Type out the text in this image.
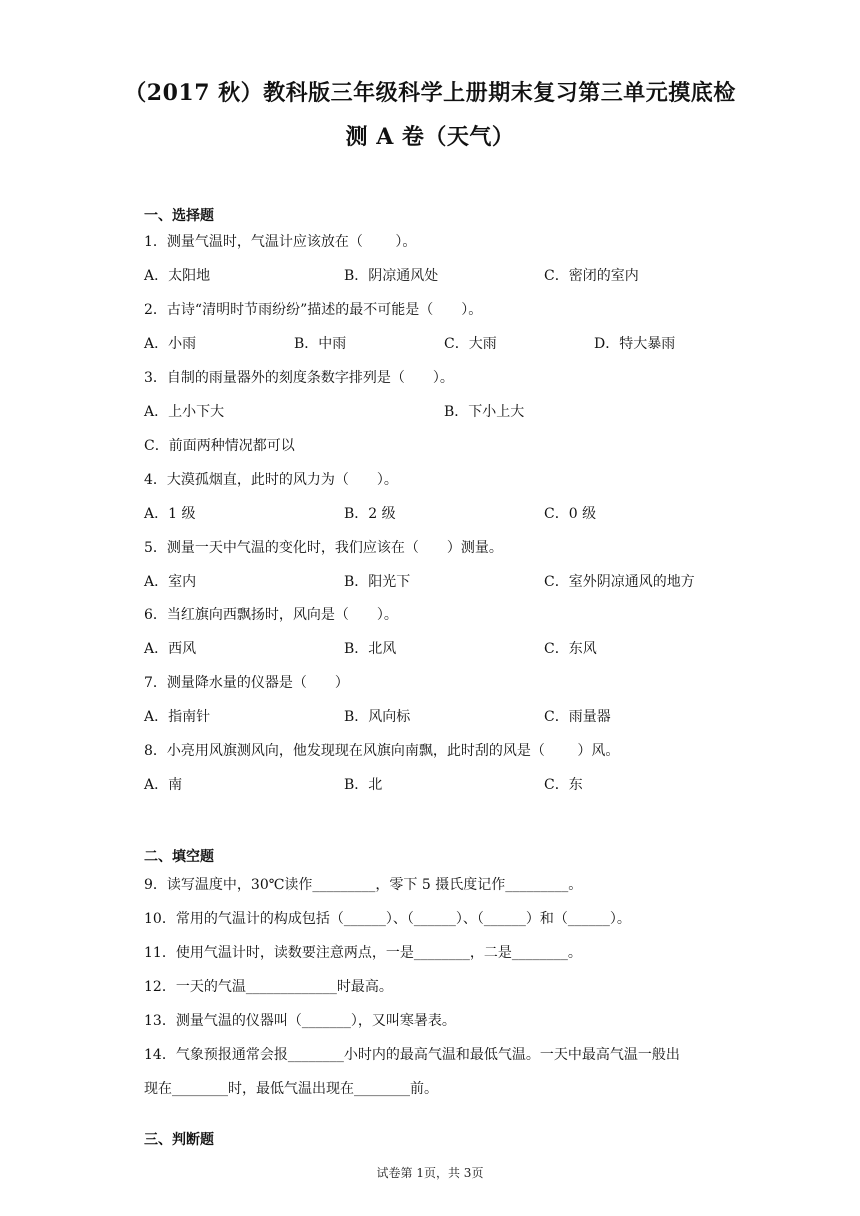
（2017 秋）教科版三年级科学上册期末复习第三单元摸底检
测 A 卷（天气）
一、选择题
1．测量气温时，气温计应该放在（　　 ）。
A．太阳地	B．阴凉通风处	C．密闭的室内
2．古诗“清明时节雨纷纷”描述的最不可能是（　　）。
A．小雨	B．中雨	C．大雨	D．特大暴雨
3．自制的雨量器外的刻度条数字排列是（　　）。
A．上小下大	B．下小上大
C．前面两种情况都可以
4．大漠孤烟直，此时的风力为（　　）。
A．1 级	B．2 级	C．0 级
5．测量一天中气温的变化时，我们应该在（　　）测量。
A．室内	B．阳光下	C．室外阴凉通风的地方
6．当红旗向西飘扬时，风向是（　　）。
A．西风	B．北风	C．东风
7．测量降水量的仪器是（　　）
A．指南针	B．风向标	C．雨量器
8．小亮用风旗测风向，他发现现在风旗向南飘，此时刮的风是（　　 ）风。
A．南	B．北	C．东
二、填空题
9．读写温度中，30℃读作_________，零下 5 摄氏度记作_________。
10．常用的气温计的构成包括（______）、（______）、（______）和（______）。
11．使用气温计时，读数要注意两点，一是________，二是________。
12．一天的气温_____________时最高。
13．测量气温的仪器叫（_______），又叫寒暑表。
14．气象预报通常会报________小时内的最高气温和最低气温。一天中最高气温一般出
现在________时，最低气温出现在________前。
三、判断题
试卷第 1页，共 3页
